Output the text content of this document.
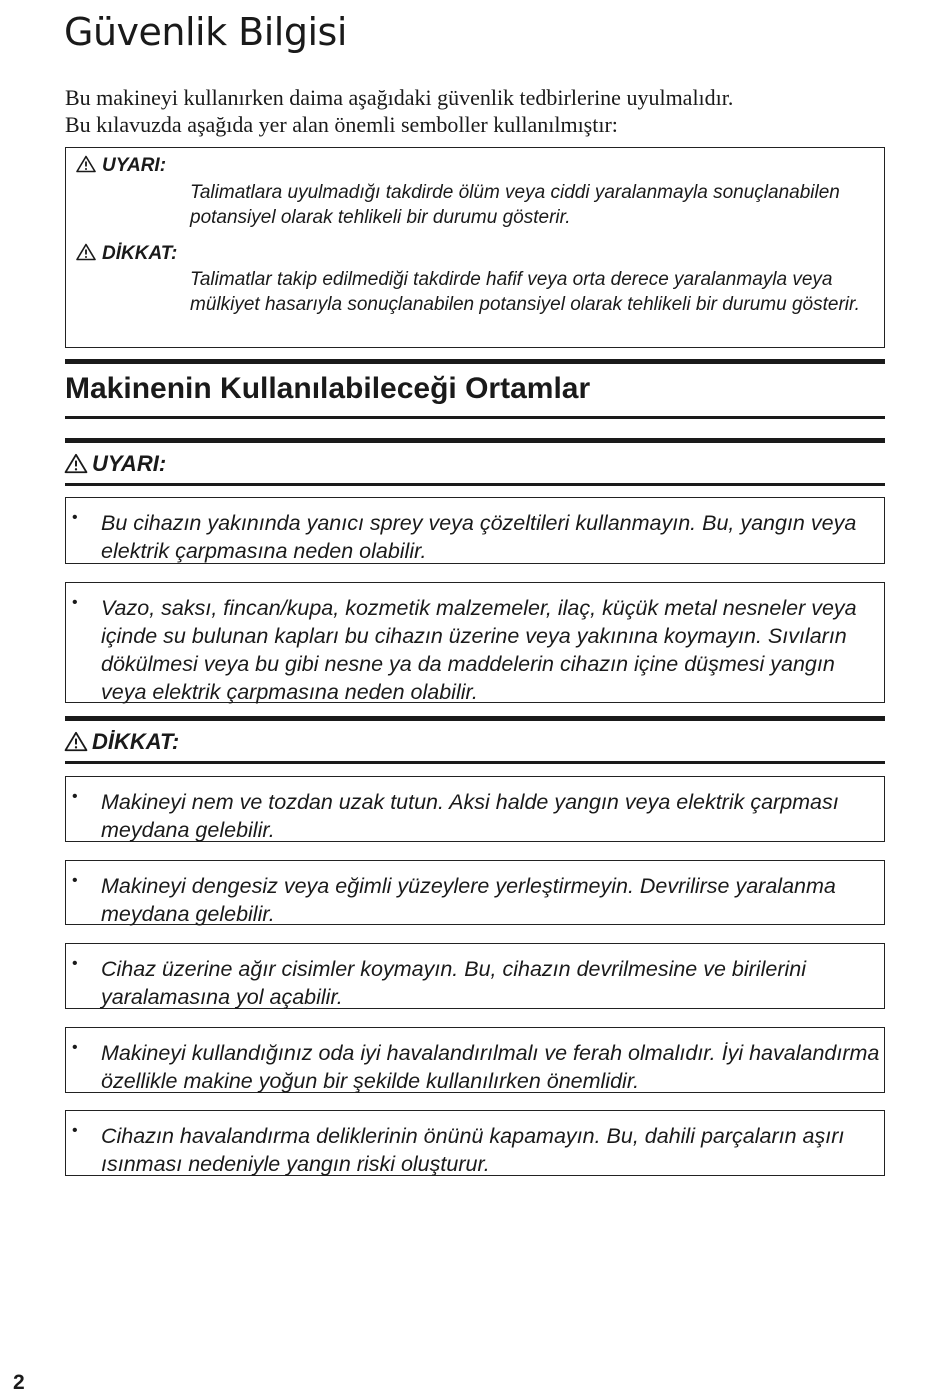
Güvenlik Bilgisi
Bu makineyi kullanırken daima aşağıdaki güvenlik tedbirlerine uyulmalıdır.
Bu kılavuzda aşağıda yer alan önemli semboller kullanılmıştır:
UYARI:

Talimatlara uyulmadığı takdirde ölüm veya ciddi yaralanmayla sonuçlanabilen potansiyel olarak tehlikeli bir durumu gösterir.

DİKKAT:

Talimatlar takip edilmediği takdirde hafif veya orta derece yaralanmayla veya mülkiyet hasarıyla sonuçlanabilen potansiyel olarak tehlikeli bir durumu gösterir.

Makinenin Kullanılabileceği Ortamlar
UYARI:
• Bu cihazın yakınında yanıcı sprey veya çözeltileri kullanmayın. Bu, yangın veya elektrik çarpmasına neden olabilir.

• Vazo, saksı, fincan/kupa, kozmetik malzemeler, ilaç, küçük metal nesneler veya içinde su bulunan kapları bu cihazın üzerine veya yakınına koymayın. Sıvıların dökülmesi veya bu gibi nesne ya da maddelerin cihazın içine düşmesi yangın veya elektrik çarpmasına neden olabilir.

DİKKAT:
• Makineyi nem ve tozdan uzak tutun. Aksi halde yangın veya elektrik çarpması meydana gelebilir.

• Makineyi dengesiz veya eğimli yüzeylere yerleştirmeyin. Devrilirse yaralanma meydana gelebilir.

• Cihaz üzerine ağır cisimler koymayın. Bu, cihazın devrilmesine ve birilerini yaralamasına yol açabilir.

• Makineyi kullandığınız oda iyi havalandırılmalı ve ferah olmalıdır. İyi havalandırma özellikle makine yoğun bir şekilde kullanılırken önemlidir.

• Cihazın havalandırma deliklerinin önünü kapamayın. Bu, dahili parçaların aşırı ısınması nedeniyle yangın riski oluşturur.

2
